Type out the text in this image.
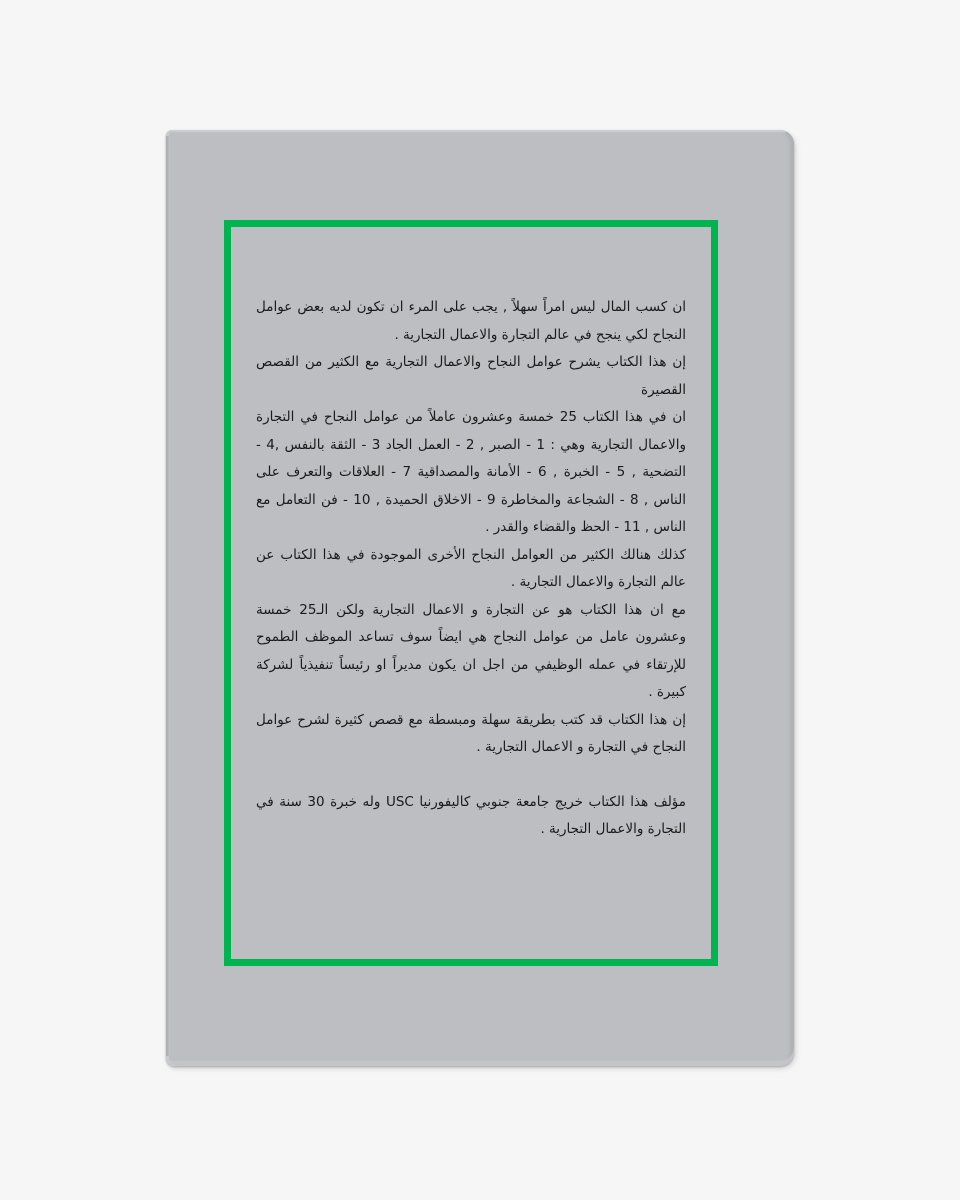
ان كسب المال ليس امراً سهلاً , يجب على المرء ان تكون لديه بعض عوامل النجاح لكي ينجح في عالم التجارة والاعمال التجارية .

إن هذا الكتاب يشرح عوامل النجاح والاعمال التجارية مع الكثير من القصص القصيرة

ان في هذا الكتاب 25 خمسة وعشرون عاملاً من عوامل النجاح في التجارة والاعمال التجارية وهي : 1 - الصبر , 2 - العمل الجاد 3 - الثقة بالنفس ,4 - التضحية , 5 - الخبرة , 6 - الأمانة والمصداقية 7 - العلاقات والتعرف على الناس , 8 - الشجاعة والمخاطرة 9 - الاخلاق الحميدة , 10 - فن التعامل مع الناس , 11 - الحظ والقضاء والقدر .

كذلك هنالك الكثير من العوامل النجاح الأخرى الموجودة في هذا الكتاب عن عالم التجارة والاعمال التجارية .

مع ان هذا الكتاب هو عن التجارة و الاعمال التجارية ولكن الـ25 خمسة وعشرون عامل من عوامل النجاح هي ايضاً سوف تساعد الموظف الطموح للإرتقاء في عمله الوظيفي من اجل ان يكون مديراً او رئيساً تنفيذياً لشركة كبيرة .

إن هذا الكتاب قد كتب بطريقة سهلة ومبسطة مع قصص كثيرة لشرح عوامل النجاح في التجارة و الاعمال التجارية .

مؤلف هذا الكتاب خريج جامعة جنوبي كاليفورنيا USC وله خبرة 30 سنة في التجارة والاعمال التجارية .
